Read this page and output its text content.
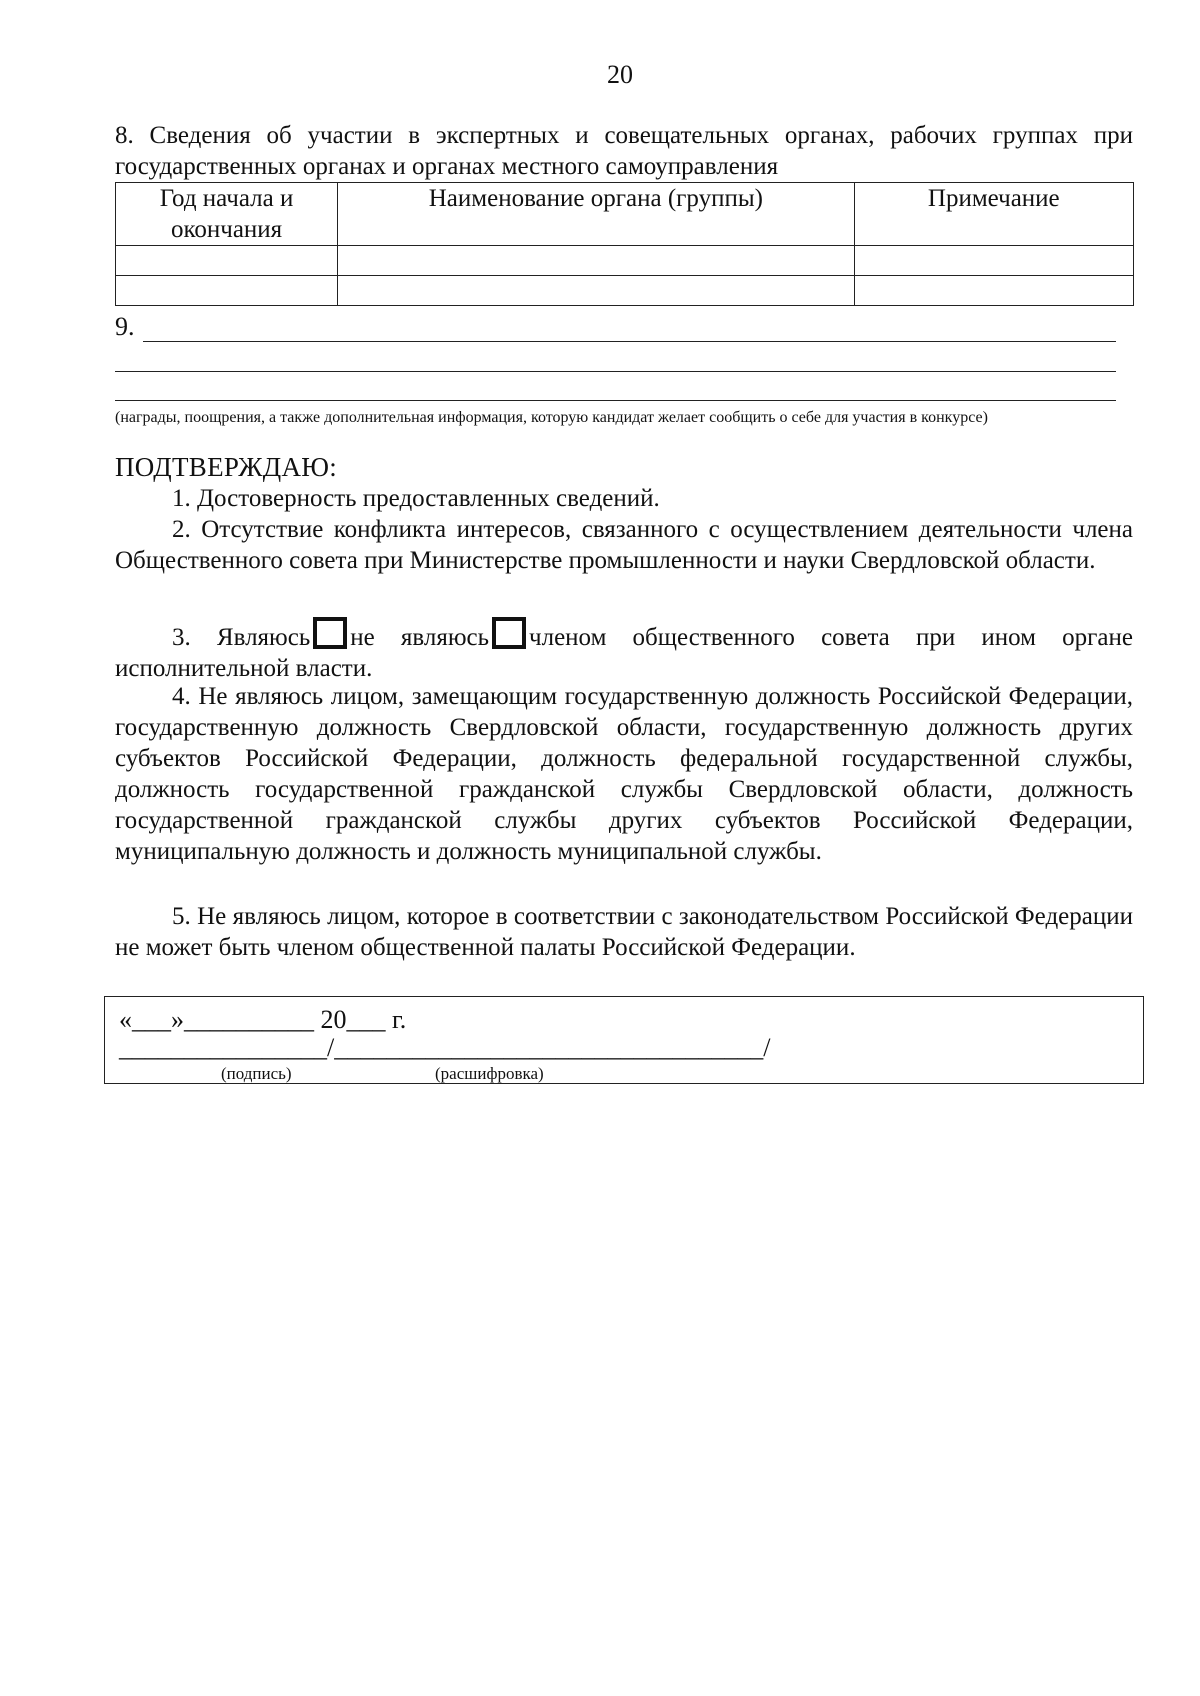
20
8. Сведения об участии в экспертных и совещательных органах, рабочих группах при государственных органах и органах местного самоуправления
Год начала и окончания	Наименование органа (группы)	Примечание

9.
(награды, поощрения, а также дополнительная информация, которую кандидат желает сообщить о себе для участия в конкурсе)
ПОДТВЕРЖДАЮ:
1. Достоверность предоставленных сведений.
2. Отсутствие конфликта интересов, связанного с осуществлением деятельности члена Общественного совета при Министерстве промышленности и науки Свердловской области.
3. Являюсь не являюсь членом общественного совета при ином органе исполнительной власти.
4. Не являюсь лицом, замещающим государственную должность Российской Федерации, государственную должность Свердловской области, государственную должность других субъектов Российской Федерации, должность федеральной государственной службы, должность государственной гражданской службы Свердловской области, должность государственной гражданской службы других субъектов Российской Федерации, муниципальную должность и должность муниципальной службы.
5. Не являюсь лицом, которое в соответствии с законодательством Российской Федерации не может быть членом общественной палаты Российской Федерации.
«___»__________ 20___ г.
________________/_________________________________/
(подпись)	(расшифровка)
